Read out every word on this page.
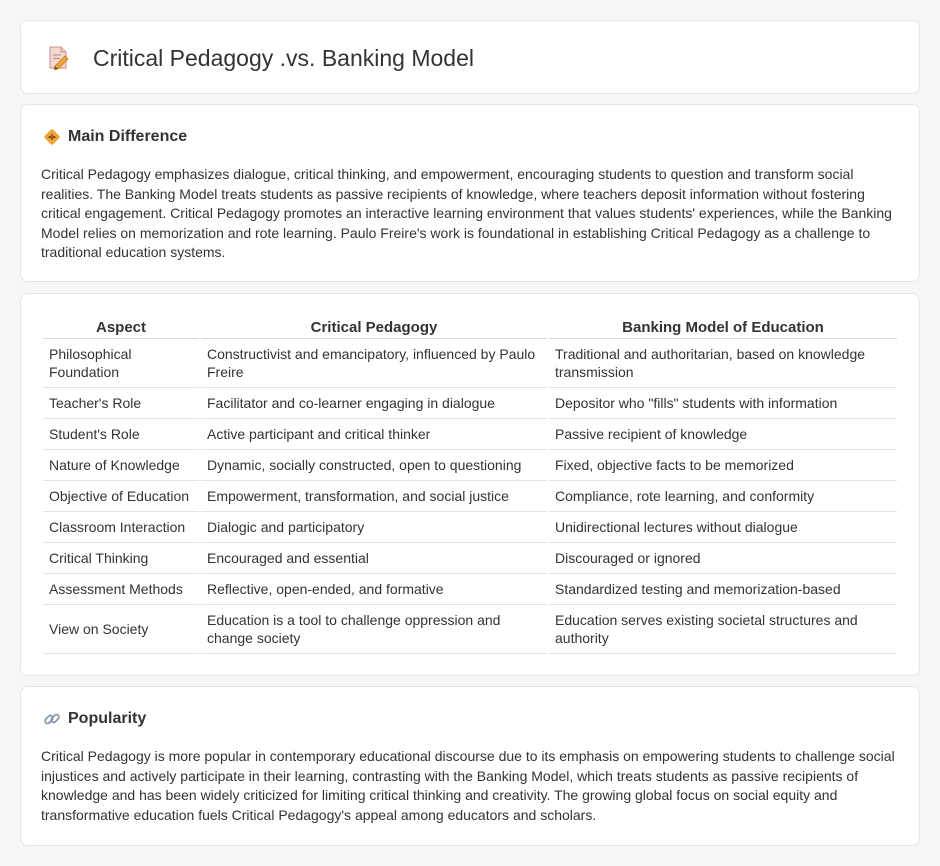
Critical Pedagogy .vs. Banking Model
Main Difference

Critical Pedagogy emphasizes dialogue, critical thinking, and empowerment, encouraging students to question and transform social realities. The Banking Model treats students as passive recipients of knowledge, where teachers deposit information without fostering critical engagement. Critical Pedagogy promotes an interactive learning environment that values students' experiences, while the Banking Model relies on memorization and rote learning. Paulo Freire's work is foundational in establishing Critical Pedagogy as a challenge to traditional education systems.

Aspect	Critical Pedagogy	Banking Model of Education
Philosophical Foundation	Constructivist and emancipatory, influenced by Paulo Freire	Traditional and authoritarian, based on knowledge transmission
Teacher's Role	Facilitator and co-learner engaging in dialogue	Depositor who "fills" students with information
Student's Role	Active participant and critical thinker	Passive recipient of knowledge
Nature of Knowledge	Dynamic, socially constructed, open to questioning	Fixed, objective facts to be memorized
Objective of Education	Empowerment, transformation, and social justice	Compliance, rote learning, and conformity
Classroom Interaction	Dialogic and participatory	Unidirectional lectures without dialogue
Critical Thinking	Encouraged and essential	Discouraged or ignored
Assessment Methods	Reflective, open-ended, and formative	Standardized testing and memorization-based
View on Society	Education is a tool to challenge oppression and change society	Education serves existing societal structures and authority
Popularity

Critical Pedagogy is more popular in contemporary educational discourse due to its emphasis on empowering students to challenge social injustices and actively participate in their learning, contrasting with the Banking Model, which treats students as passive recipients of knowledge and has been widely criticized for limiting critical thinking and creativity. The growing global focus on social equity and transformative education fuels Critical Pedagogy's appeal among educators and scholars.
